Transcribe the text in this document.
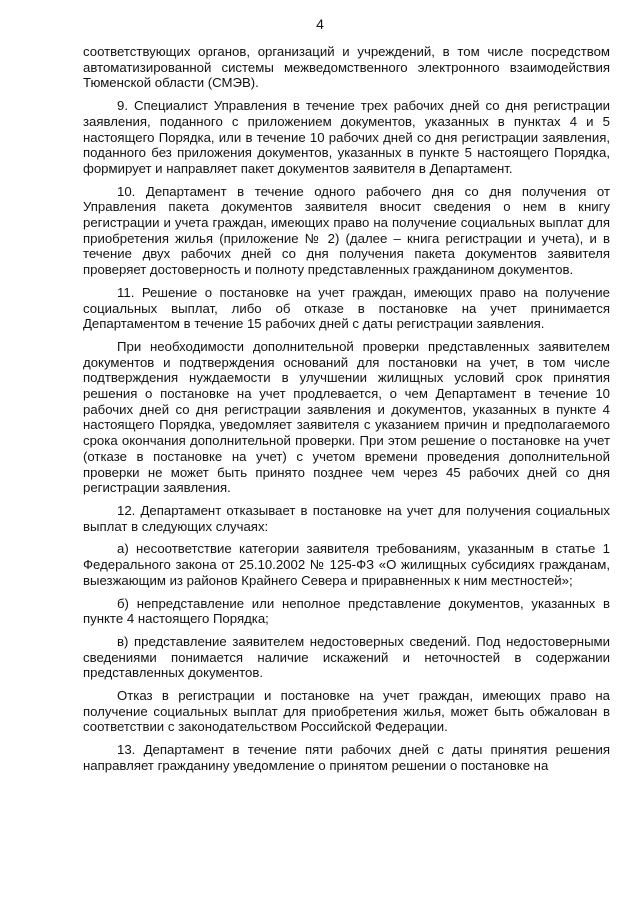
4

соответствующих органов, организаций и учреждений, в том числе посредством автоматизированной системы межведомственного электронного взаимодействия Тюменской области (СМЭВ).

9. Специалист Управления в течение трех рабочих дней со дня регистрации заявления, поданного с приложением документов, указанных в пунктах 4 и 5 настоящего Порядка, или в течение 10 рабочих дней со дня регистрации заявления, поданного без приложения документов, указанных в пункте 5 настоящего Порядка, формирует и направляет пакет документов заявителя в Департамент.

10. Департамент в течение одного рабочего дня со дня получения от Управления пакета документов заявителя вносит сведения о нем в книгу регистрации и учета граждан, имеющих право на получение социальных выплат для приобретения жилья (приложение № 2) (далее – книга регистрации и учета), и в течение двух рабочих дней со дня получения пакета документов заявителя проверяет достоверность и полноту представленных гражданином документов.

11. Решение о постановке на учет граждан, имеющих право на получение социальных выплат, либо об отказе в постановке на учет принимается Департаментом в течение 15 рабочих дней с даты регистрации заявления.

При необходимости дополнительной проверки представленных заявителем документов и подтверждения оснований для постановки на учет, в том числе подтверждения нуждаемости в улучшении жилищных условий срок принятия решения о постановке на учет продлевается, о чем Департамент в течение 10 рабочих дней со дня регистрации заявления и документов, указанных в пункте 4 настоящего Порядка, уведомляет заявителя с указанием причин и предполагаемого срока окончания дополнительной проверки. При этом решение о постановке на учет (отказе в постановке на учет) с учетом времени проведения дополнительной проверки не может быть принято позднее чем через 45 рабочих дней со дня регистрации заявления.

12. Департамент отказывает в постановке на учет для получения социальных выплат в следующих случаях:

а) несоответствие категории заявителя требованиям, указанным в статье 1 Федерального закона от 25.10.2002 № 125-ФЗ «О жилищных субсидиях гражданам, выезжающим из районов Крайнего Севера и приравненных к ним местностей»;

б) непредставление или неполное представление документов, указанных в пункте 4 настоящего Порядка;

в) представление заявителем недостоверных сведений. Под недостоверными сведениями понимается наличие искажений и неточностей в содержании представленных документов.

Отказ в регистрации и постановке на учет граждан, имеющих право на получение социальных выплат для приобретения жилья, может быть обжалован в соответствии с законодательством Российской Федерации.

13. Департамент в течение пяти рабочих дней с даты принятия решения направляет гражданину уведомление о принятом решении о постановке на
